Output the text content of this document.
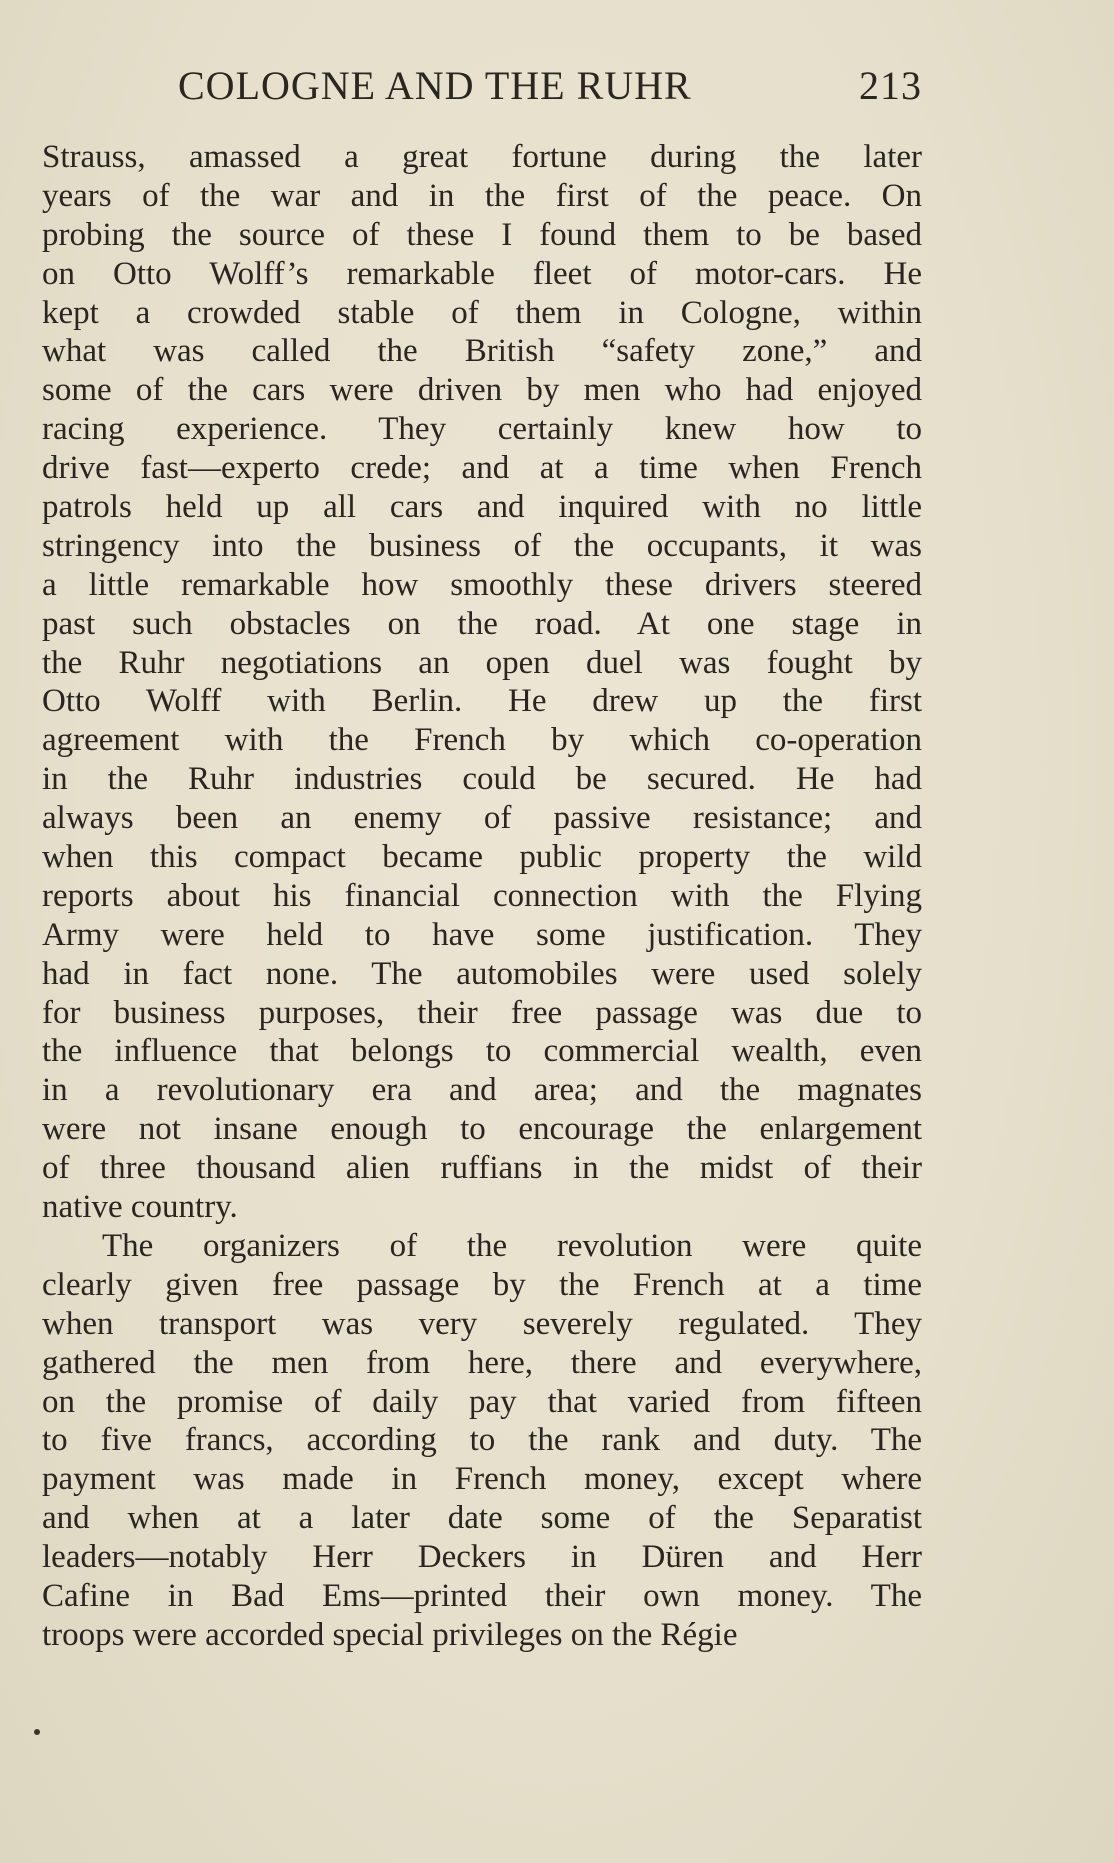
COLOGNE AND THE RUHR	213
Strauss, amassed a great fortune during the later
years of the war and in the first of the peace. On
probing the source of these I found them to be based
on Otto Wolff’s remarkable fleet of motor-cars. He
kept a crowded stable of them in Cologne, within
what was called the British “safety zone,” and
some of the cars were driven by men who had enjoyed
racing experience. They certainly knew how to
drive fast—experto crede; and at a time when French
patrols held up all cars and inquired with no little
stringency into the business of the occupants, it was
a little remarkable how smoothly these drivers steered
past such obstacles on the road. At one stage in
the Ruhr negotiations an open duel was fought by
Otto Wolff with Berlin. He drew up the first
agreement with the French by which co-operation
in the Ruhr industries could be secured. He had
always been an enemy of passive resistance; and
when this compact became public property the wild
reports about his financial connection with the Flying
Army were held to have some justification. They
had in fact none. The automobiles were used solely
for business purposes, their free passage was due to
the influence that belongs to commercial wealth, even
in a revolutionary era and area; and the magnates
were not insane enough to encourage the enlargement
of three thousand alien ruffians in the midst of their
native country.
The organizers of the revolution were quite
clearly given free passage by the French at a time
when transport was very severely regulated. They
gathered the men from here, there and everywhere,
on the promise of daily pay that varied from fifteen
to five francs, according to the rank and duty. The
payment was made in French money, except where
and when at a later date some of the Separatist
leaders—notably Herr Deckers in Düren and Herr
Cafine in Bad Ems—printed their own money. The
troops were accorded special privileges on the Régie
